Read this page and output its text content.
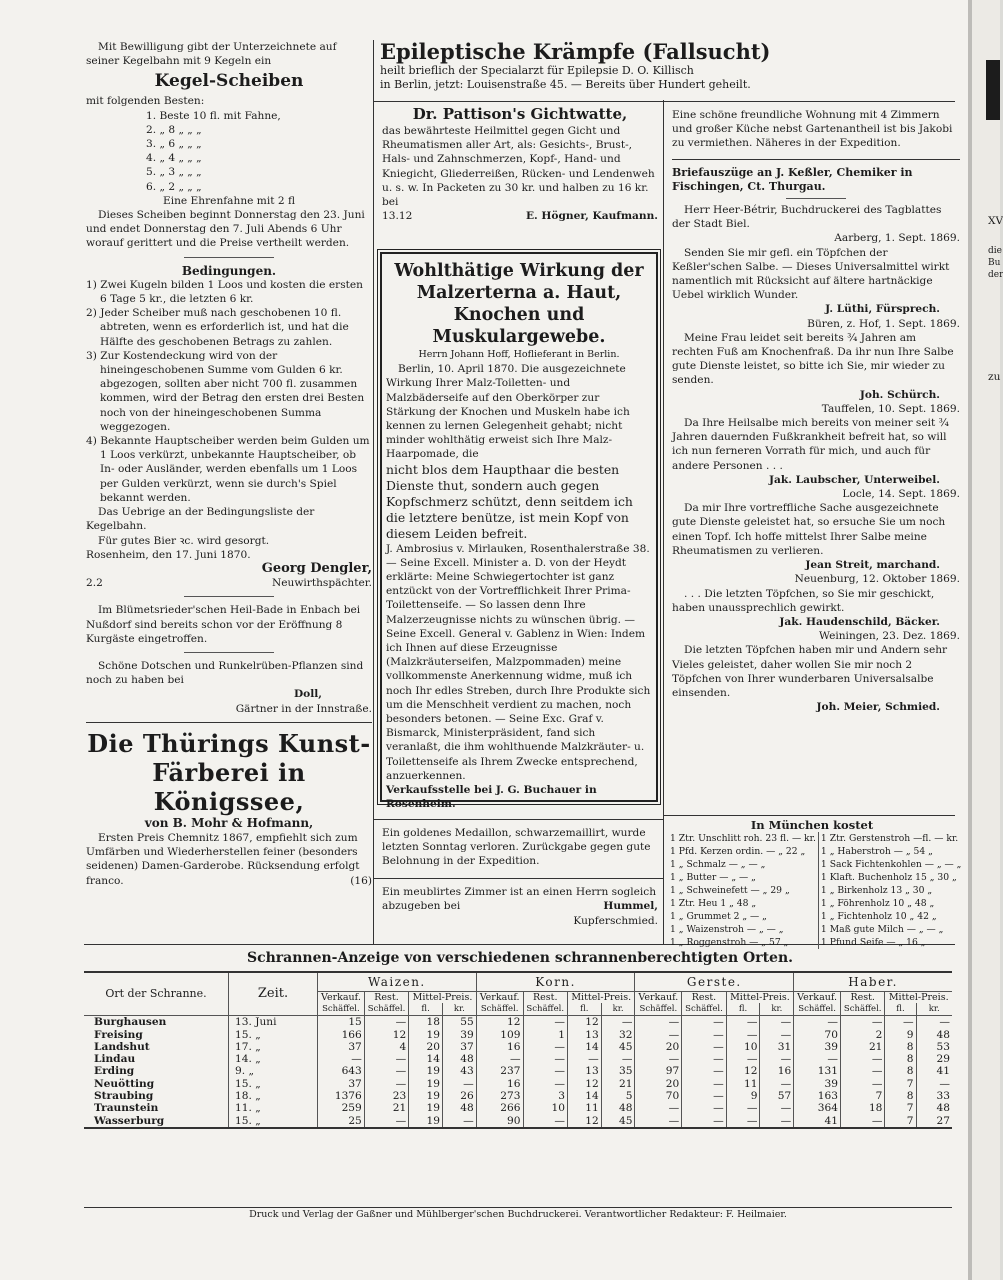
Mit Bewilligung gibt der Unterzeichnete auf seiner Kegelbahn mit 9 Kegeln ein

Kegel-Scheiben

mit folgenden Besten:

1. Beste 10 fl. mit Fahne,
2. „ 8 „ „ „
3. „ 6 „ „ „
4. „ 4 „ „ „
5. „ 3 „ „ „
6. „ 2 „ „ „
Eine Ehrenfahne mit 2 fl

Dieses Scheiben beginnt Donnerstag den 23. Juni und endet Donnerstag den 7. Juli Abends 6 Uhr worauf gerittert und die Preise vertheilt werden.

Bedingungen.

1) Zwei Kugeln bilden 1 Loos und kosten die ersten 6 Tage 5 kr., die letzten 6 kr.

2) Jeder Scheiber muß nach geschobenen 10 fl. abtreten, wenn es erforderlich ist, und hat die Hälfte des geschobenen Betrags zu zahlen.

3) Zur Kostendeckung wird von der hineingeschobenen Summe vom Gulden 6 kr. abgezogen, sollten aber nicht 700 fl. zusammen kommen, wird der Betrag den ersten drei Besten noch von der hineingeschobenen Summa weggezogen.

4) Bekannte Hauptscheiber werden beim Gulden um 1 Loos verkürzt, unbekannte Hauptscheiber, ob In- oder Ausländer, werden ebenfalls um 1 Loos per Gulden verkürzt, wenn sie durch's Spiel bekannt werden.

Das Uebrige an der Bedingungsliste der Kegelbahn.

Für gutes Bier ꝛc. wird gesorgt.

Rosenheim, den 17. Juni 1870.

Georg Dengler,
2.2	Neuwirthspächter.

Im Blümetsrieder'schen Heil-Bade in Enbach bei Nußdorf sind bereits schon vor der Eröffnung 8 Kurgäste eingetroffen.

Schöne Dotschen und Runkelrüben-Pflanzen sind noch zu haben bei

Doll,
Gärtner in der Innstraße.
Die Thürings Kunst-
Färberei in Königssee,
von B. Mohr & Hofmann,

Ersten Preis Chemnitz 1867, empfiehlt sich zum Umfärben und Wiederherstellen feiner (besonders seidenen) Damen-Garderobe. Rücksendung erfolgt franco.	(16)
Epileptische Krämpfe (Fallsucht)
heilt brieflich der Specialarzt für Epilepsie D. O. Killisch
in Berlin, jetzt: Louisenstraße 45. — Bereits über Hundert geheilt.
Dr. Pattison's Gichtwatte,

das bewährteste Heilmittel gegen Gicht und Rheumatismen aller Art, als: Gesichts-, Brust-, Hals- und Zahnschmerzen, Kopf-, Hand- und Kniegicht, Gliederreißen, Rücken- und Lendenweh u. s. w. In Packeten zu 30 kr. und halben zu 16 kr. bei

13.12	E. Högner, Kaufmann.
Wohlthätige Wirkung der Malzerterna a. Haut, Knochen und Muskulargewebe.
Herrn Johann Hoff, Hoflieferant in Berlin.

Berlin, 10. April 1870. Die ausgezeichnete Wirkung Ihrer Malz-Toiletten- und Malzbäderseife auf den Oberkörper zur Stärkung der Knochen und Muskeln habe ich kennen zu lernen Gelegenheit gehabt; nicht minder wohlthätig erweist sich Ihre Malz-Haarpomade, die

nicht blos dem Haupthaar die besten Dienste thut, sondern auch gegen Kopfschmerz schützt, denn seitdem ich die letztere benütze, ist mein Kopf von diesem Leiden befreit.

J. Ambrosius v. Mirlauken, Rosenthalerstraße 38. — Seine Excell. Minister a. D. von der Heydt erklärte: Meine Schwiegertochter ist ganz entzückt von der Vortrefflichkeit Ihrer Prima-Toilettenseife. — So lassen denn Ihre Malzerzeugnisse nichts zu wünschen übrig. — Seine Excell. General v. Gablenz in Wien: Indem ich Ihnen auf diese Erzeugnisse (Malzkräuterseifen, Malzpommaden) meine vollkommenste Anerkennung widme, muß ich noch Ihr edles Streben, durch Ihre Produkte sich um die Menschheit verdient zu machen, noch besonders betonen. — Seine Exc. Graf v. Bismarck, Ministerpräsident, fand sich veranlaßt, die ihm wohlthuende Malzkräuter- u. Toilettenseife als Ihrem Zwecke entsprechend, anzuerkennen.

Verkaufsstelle bei J. G. Buchauer in Rosenheim.

Ein goldenes Medaillon, schwarzemaillirt, wurde letzten Sonntag verloren. Zurückgabe gegen gute Belohnung in der Expedition.

Ein meublirtes Zimmer ist an einen Herrn sogleich abzugeben bei	Hummel,
Kupferschmied.

Eine schöne freundliche Wohnung mit 4 Zimmern und großer Küche nebst Gartenantheil ist bis Jakobi zu vermiethen. Näheres in der Expedition.

Briefauszüge an J. Keßler, Chemiker in Fischingen, Ct. Thurgau.

Herr Heer-Bétrir, Buchdruckerei des Tagblattes der Stadt Biel.

Aarberg, 1. Sept. 1869.

Senden Sie mir gefl. ein Töpfchen der Keßler'schen Salbe. — Dieses Universalmittel wirkt namentlich mit Rücksicht auf ältere hartnäckige Uebel wirklich Wunder.

J. Lüthi, Fürsprech.
Büren, z. Hof, 1. Sept. 1869.

Meine Frau leidet seit bereits ¾ Jahren am rechten Fuß am Knochenfraß. Da ihr nun Ihre Salbe gute Dienste leistet, so bitte ich Sie, mir wieder zu senden.

Joh. Schürch.
Tauffelen, 10. Sept. 1869.

Da Ihre Heilsalbe mich bereits von meiner seit ¾ Jahren dauernden Fußkrankheit befreit hat, so will ich nun ferneren Vorrath für mich, und auch für andere Personen . . .

Jak. Laubscher, Unterweibel.
Locle, 14. Sept. 1869.

Da mir Ihre vortreffliche Sache ausgezeichnete gute Dienste geleistet hat, so ersuche Sie um noch einen Topf. Ich hoffe mittelst Ihrer Salbe meine Rheumatismen zu verlieren.

Jean Streit, marchand.
Neuenburg, 12. Oktober 1869.

. . . Die letzten Töpfchen, so Sie mir geschickt, haben unaussprechlich gewirkt.

Jak. Haudenschild, Bäcker.
Weiningen, 23. Dez. 1869.

Die letzten Töpfchen haben mir und Andern sehr Vieles geleistet, daher wollen Sie mir noch 2 Töpfchen von Ihrer wunderbaren Universalsalbe einsenden.

Joh. Meier, Schmied.
In München kostet
1 Ztr. Unschlitt roh. 23 fl. — kr.	1 Ztr. Gerstenstroh —fl. — kr.
1 Pfd. Kerzen ordin. — „ 22 „	1 „ Haberstroh — „ 54 „
1 „ Schmalz — „ — „	1 Sack Fichtenkohlen — „ — „
1 „ Butter — „ — „	1 Klaft. Buchenholz 15 „ 30 „
1 „ Schweinefett — „ 29 „	1 „ Birkenholz 13 „ 30 „
1 Ztr. Heu 1 „ 48 „	1 „ Föhrenholz 10 „ 48 „
1 „ Grummet 2 „ — „	1 „ Fichtenholz 10 „ 42 „
1 „ Waizenstroh — „ — „	1 Maß gute Milch — „ — „
1 „ Roggenstroh — „ 57 „	1 Pfund Seife — „ 16 „
Schrannen-Anzeige von verschiedenen schrannenberechtigten Orten.
Ort der Schranne.	Zeit.	Waizen.				Korn.				Gerste.				Haber.			
		Verkauf.	Rest.	Mittel-Preis.		Verkauf.	Rest.	Mittel-Preis.		Verkauf.	Rest.	Mittel-Preis.		Verkauf.	Rest.	Mittel-Preis.	
		Schäffel.	Schäffel.	fl.	kr.	Schäffel.	Schäffel.	fl.	kr.	Schäffel.	Schäffel.	fl.	kr.	Schäffel.	Schäffel.	fl.	kr.
Burghausen	13. Juni	15	—	18	55	12	—	12	—	—	—	—	—	—	—	—	—
Freising	15. „	166	12	19	39	109	1	13	32	—	—	—	—	70	2	9	48
Landshut	17. „	37	4	20	37	16	—	14	45	20	—	10	31	39	21	8	53
Lindau	14. „	—	—	14	48	—	—	—	—	—	—	—	—	—	—	8	29
Erding	9. „	643	—	19	43	237	—	13	35	97	—	12	16	131	—	8	41
Neuötting	15. „	37	—	19	—	16	—	12	21	20	—	11	—	39	—	7	—
Straubing	18. „	1376	23	19	26	273	3	14	5	70	—	9	57	163	7	8	33
Traunstein	11. „	259	21	19	48	266	10	11	48	—	—	—	—	364	18	7	48
Wasserburg	15. „	25	—	19	—	90	—	12	45	—	—	—	—	41	—	7	27
Druck und Verlag der Gaßner und Mühlberger'schen Buchdruckerei. Verantwortlicher Redakteur: F. Heilmaier.
XV
die
Bu
der
zu
